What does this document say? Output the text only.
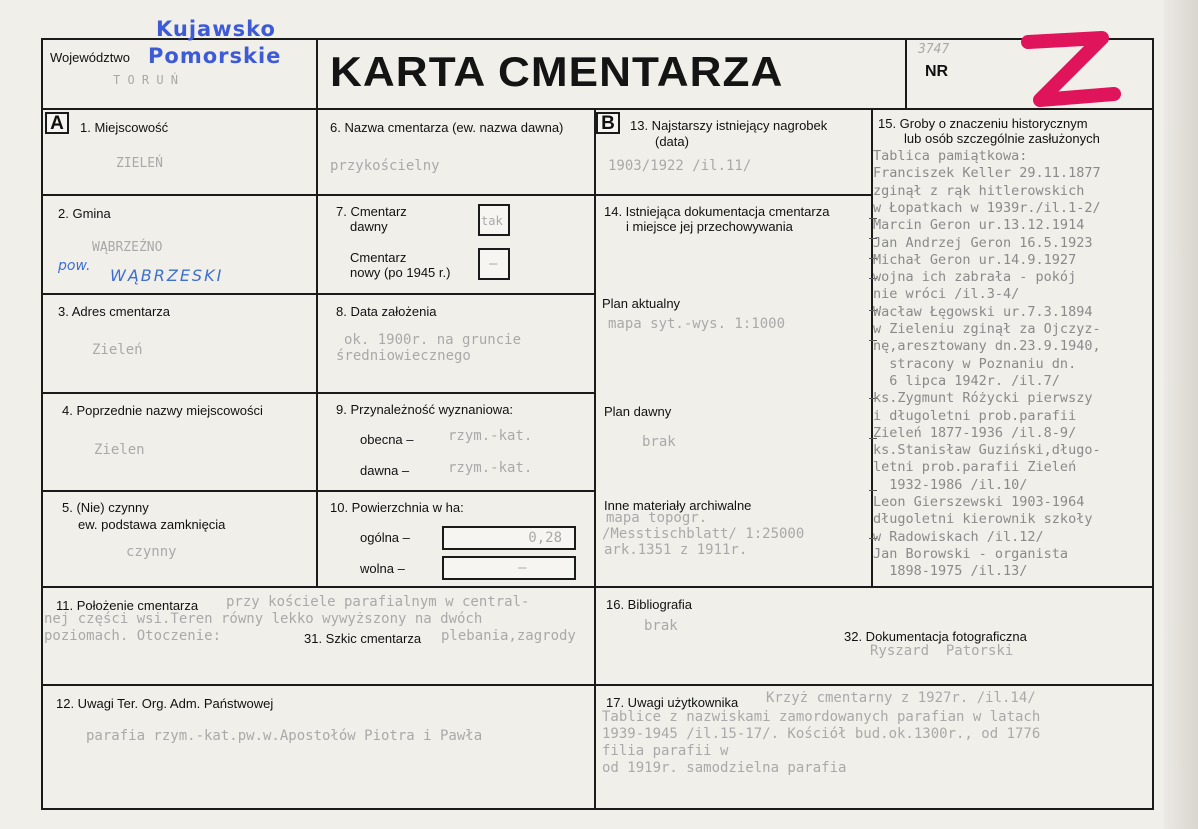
Województwo
Kujawsko
Pomorskie
T O R U Ń	KARTA CMENTARZA	NR
3747
A	B
1. Miejscowość
ZIELEŃ
2. Gmina
WĄBRZEŹNO
pow. WĄBRZESKI
3. Adres cmentarza
Zieleń
4. Poprzednie nazwy miejscowości
Zielen
5. (Nie) czynny
ew. podstawa zamknięcia
czynny
6. Nazwa cmentarza (ew. nazwa dawna)
przykościelny
7. Cmentarz
dawny	tak
Cmentarz
nowy (po 1945 r.)
–
8. Data założenia
ok. 1900r. na gruncie
średniowiecznego
9. Przynależność wyznaniowa:
obecna – rzym.-kat.
dawna –	rzym.-kat.
10. Powierzchnia w ha:
ogólna –	0,28
wolna –	–
11. Położenie cmentarza przy kościele parafialnym w central-
nej części wsi.Teren równy lekko wywyższony na dwóch
poziomach. Otoczenie:	31. Szkic cmentarza plebania,zagrody
12. Uwagi Ter. Org. Adm. Państwowej
parafia rzym.-kat.pw.w.Apostołów Piotra i Pawła
13. Najstarszy istniejący nagrobek
(data)
1903/1922 /il.11/
14. Istniejąca dokumentacja cmentarza
i miejsce jej przechowywania
Plan aktualny
mapa syt.-wys. 1:1000
Plan dawny
brak
Inne materiały archiwalne
mapa topogr.
/Messtischblatt/ 1:25000
ark.1351 z 1911r.
15. Groby o znaczeniu historycznym
lub osób szczególnie zasłużonych
Tablica pamiątkowa:
Franciszek Keller 29.11.1877
zginął z rąk hitlerowskich
w Łopatkach w 1939r./il.1-2/
Marcin Geron ur.13.12.1914
Jan Andrzej Geron 16.5.1923
Michał Geron ur.14.9.1927
wojna ich zabrała - pokój
nie wróci /il.3-4/
Wacław Łęgowski ur.7.3.1894
w Zieleniu zginął za Ojczyz-
nę,aresztowany dn.23.9.1940,
stracony w Poznaniu dn.
6 lipca 1942r. /il.7/
ks.Zygmunt Różycki pierwszy
i długoletni prob.parafii
Zieleń 1877-1936 /il.8-9/
ks.Stanisław Guziński,długo-
letni prob.parafii Zieleń
1932-1986 /il.10/
Leon Gierszewski 1903-1964
długoletni kierownik szkoły
w Radowiskach /il.12/
Jan Borowski - organista
1898-1975 /il.13/
16. Bibliografia
brak
32. Dokumentacja fotograficzna
Ryszard  Patorski
17. Uwagi użytkownika Krzyż cmentarny z 1927r. /il.14/
Tablice z nazwiskami zamordowanych parafian w latach
1939-1945 /il.15-17/. Kościół bud.ok.1300r., od 1776
filia parafii w
od 1919r. samodzielna parafia
